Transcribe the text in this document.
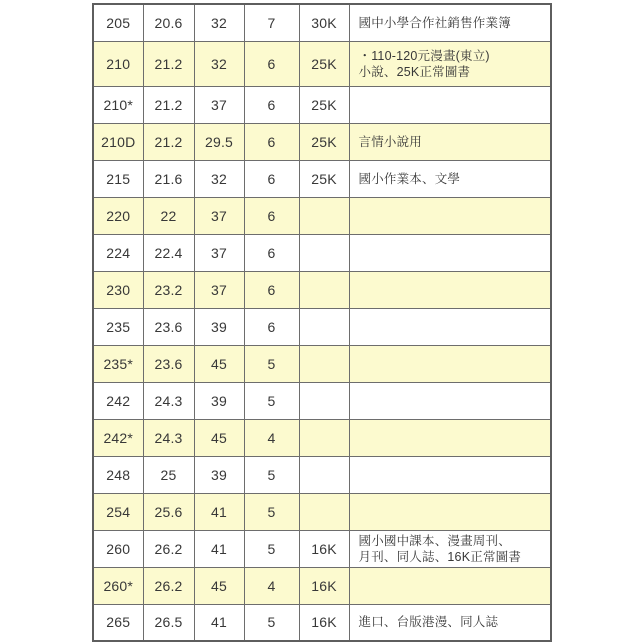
205	20.6	32	7	30K	國中小學合作社銷售作業簿

210	21.2	32	6	25K	・110-120元漫畫(東立)
小說、25K正常圖書

210*	21.2	37	6	25K	
210D	21.2	29.5	6	25K	言情小說用

215	21.6	32	6	25K	國小作業本、文學

220	22	37	6		
224	22.4	37	6		
230	23.2	37	6		
235	23.6	39	6		
235*	23.6	45	5		
242	24.3	39	5		
242*	24.3	45	4		
248	25	39	5		
254	25.6	41	5		
260	26.2	41	5	16K	國小國中課本、漫畫周刊、
月刊、同人誌、16K正常圖書

260*	26.2	45	4	16K	
265	26.5	41	5	16K	進口、台版港漫、同人誌
